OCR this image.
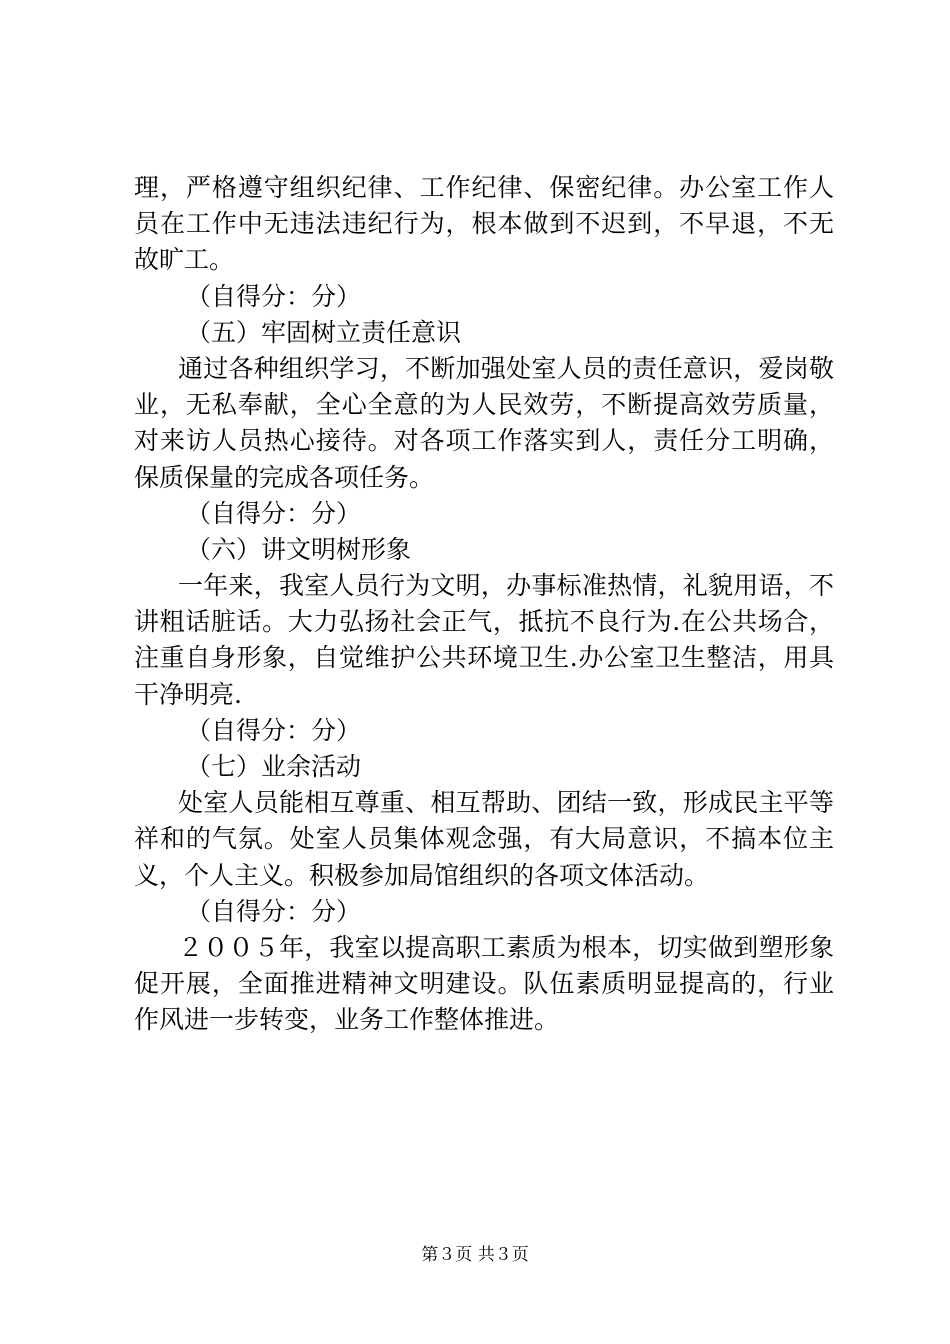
理，严格遵守组织纪律、工作纪律、保密纪律。办公室工作人
员在工作中无违法违纪行为，根本做到不迟到，不早退，不无
故旷工。
（自得分：分）
（五）牢固树立责任意识
通过各种组织学习，不断加强处室人员的责任意识，爱岗敬
业，无私奉献，全心全意的为人民效劳，不断提高效劳质量，
对来访人员热心接待。对各项工作落实到人，责任分工明确，
保质保量的完成各项任务。
（自得分：分）
（六）讲文明树形象
一年来，我室人员行为文明，办事标准热情，礼貌用语，不
讲粗话脏话。大力弘扬社会正气，抵抗不良行为.在公共场合，
注重自身形象，自觉维护公共环境卫生.办公室卫生整洁，用具
干净明亮.
（自得分：分）
（七）业余活动
处室人员能相互尊重、相互帮助、团结一致，形成民主平等
祥和的气氛。处室人员集体观念强，有大局意识，不搞本位主
义，个人主义。积极参加局馆组织的各项文体活动。
（自得分：分）
２００５年，我室以提高职工素质为根本，切实做到塑形象
促开展，全面推进精神文明建设。队伍素质明显提高的，行业
作风进一步转变，业务工作整体推进。
第３页 共３页
